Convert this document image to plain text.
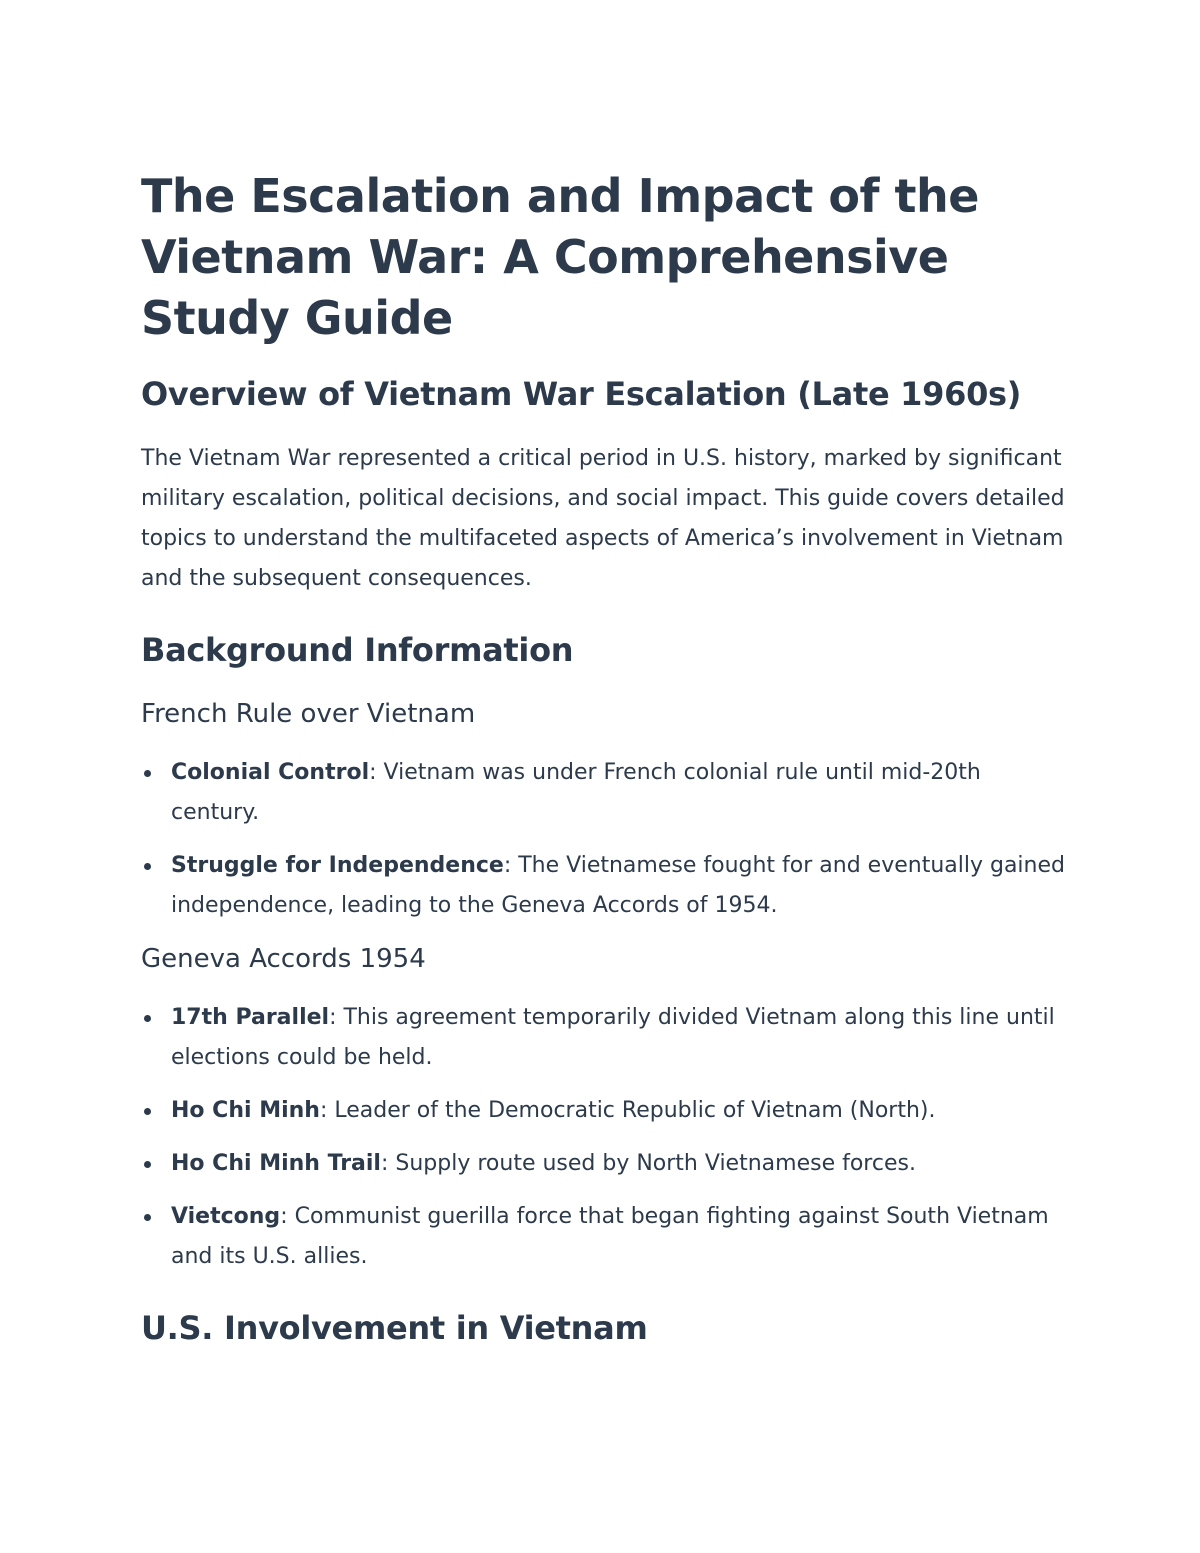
The Escalation and Impact of the Vietnam War: A Comprehensive Study Guide
Overview of Vietnam War Escalation (Late 1960s)

The Vietnam War represented a critical period in U.S. history, marked by significant military escalation, political decisions, and social impact. This guide covers detailed topics to understand the multifaceted aspects of America’s involvement in Vietnam and the subsequent consequences.

Background Information
French Rule over Vietnam
Colonial Control: Vietnam was under French colonial rule until mid-20th century.
Struggle for Independence: The Vietnamese fought for and eventually gained independence, leading to the Geneva Accords of 1954.
Geneva Accords 1954
17th Parallel: This agreement temporarily divided Vietnam along this line until elections could be held.
Ho Chi Minh: Leader of the Democratic Republic of Vietnam (North).
Ho Chi Minh Trail: Supply route used by North Vietnamese forces.
Vietcong: Communist guerilla force that began fighting against South Vietnam and its U.S. allies.
U.S. Involvement in Vietnam
